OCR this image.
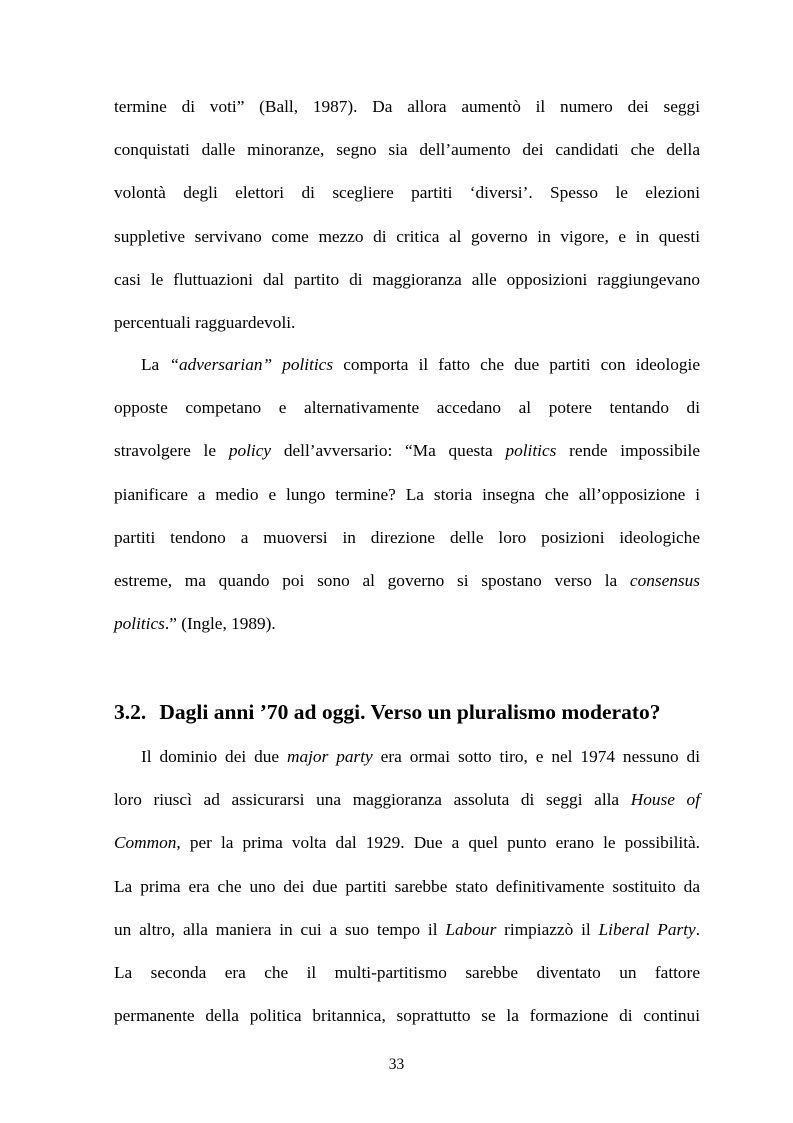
termine di voti” (Ball, 1987). Da allora aumentò il numero dei seggi
conquistati dalle minoranze, segno sia dell’aumento dei candidati che della
volontà degli elettori di scegliere partiti ‘diversi’. Spesso le elezioni
suppletive servivano come mezzo di critica al governo in vigore, e in questi
casi le fluttuazioni dal partito di maggioranza alle opposizioni raggiungevano
percentuali ragguardevoli.
La “adversarian” politics comporta il fatto che due partiti con ideologie
opposte competano e alternativamente accedano al potere tentando di
stravolgere le policy dell’avversario: “Ma questa politics rende impossibile
pianificare a medio e lungo termine? La storia insegna che all’opposizione i
partiti tendono a muoversi in direzione delle loro posizioni ideologiche
estreme, ma quando poi sono al governo si spostano verso la consensus
politics.” (Ingle, 1989).
3.2. Dagli anni ’70 ad oggi. Verso un pluralismo moderato?
Il dominio dei due major party era ormai sotto tiro, e nel 1974 nessuno di
loro riuscì ad assicurarsi una maggioranza assoluta di seggi alla House of
Common, per la prima volta dal 1929. Due a quel punto erano le possibilità.
La prima era che uno dei due partiti sarebbe stato definitivamente sostituito da
un altro, alla maniera in cui a suo tempo il Labour rimpiazzò il Liberal Party.
La seconda era che il multi-partitismo sarebbe diventato un fattore
permanente della politica britannica, soprattutto se la formazione di continui
33
